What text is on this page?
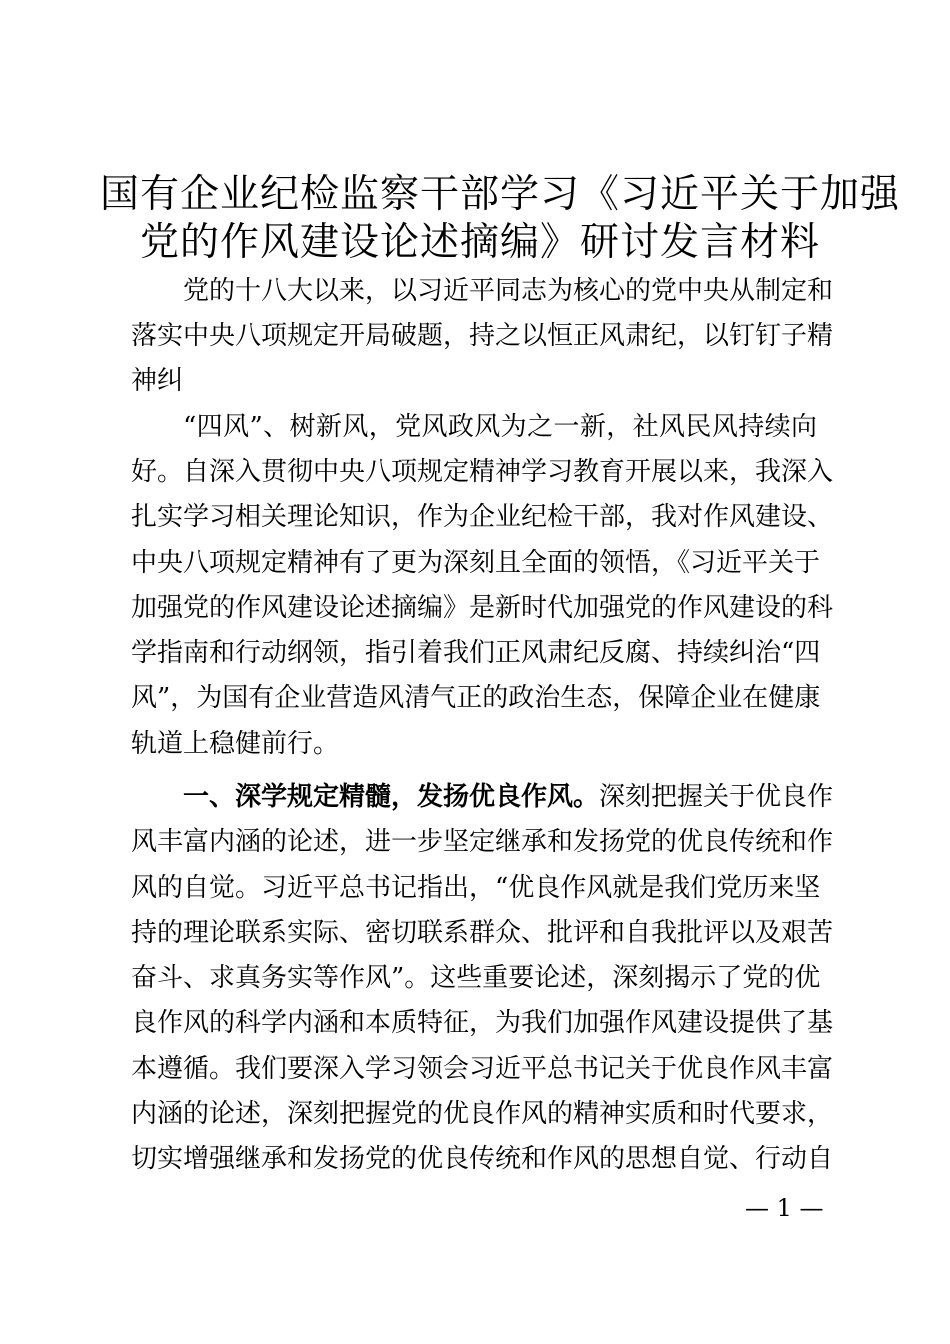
国有企业纪检监察干部学习《习近平关于加强
党的作风建设论述摘编》研讨发言材料

党的十八大以来，以习近平同志为核心的党中央从制定和

落实中央八项规定开局破题，持之以恒正风肃纪，以钉钉子精

神纠

“四风”、树新风，党风政风为之一新，社风民风持续向

好。自深入贯彻中央八项规定精神学习教育开展以来，我深入

扎实学习相关理论知识，作为企业纪检干部，我对作风建设、

中央八项规定精神有了更为深刻且全面的领悟，《习近平关于

加强党的作风建设论述摘编》是新时代加强党的作风建设的科

学指南和行动纲领，指引着我们正风肃纪反腐、持续纠治“四

风”，为国有企业营造风清气正的政治生态，保障企业在健康

轨道上稳健前行。

一、深学规定精髓，发扬优良作风。深刻把握关于优良作

风丰富内涵的论述，进一步坚定继承和发扬党的优良传统和作

风的自觉。习近平总书记指出，“优良作风就是我们党历来坚

持的理论联系实际、密切联系群众、批评和自我批评以及艰苦

奋斗、求真务实等作风”。这些重要论述，深刻揭示了党的优

良作风的科学内涵和本质特征，为我们加强作风建设提供了基

本遵循。我们要深入学习领会习近平总书记关于优良作风丰富

内涵的论述，深刻把握党的优良作风的精神实质和时代要求，

切实增强继承和发扬党的优良传统和作风的思想自觉、行动自

— 1 —
